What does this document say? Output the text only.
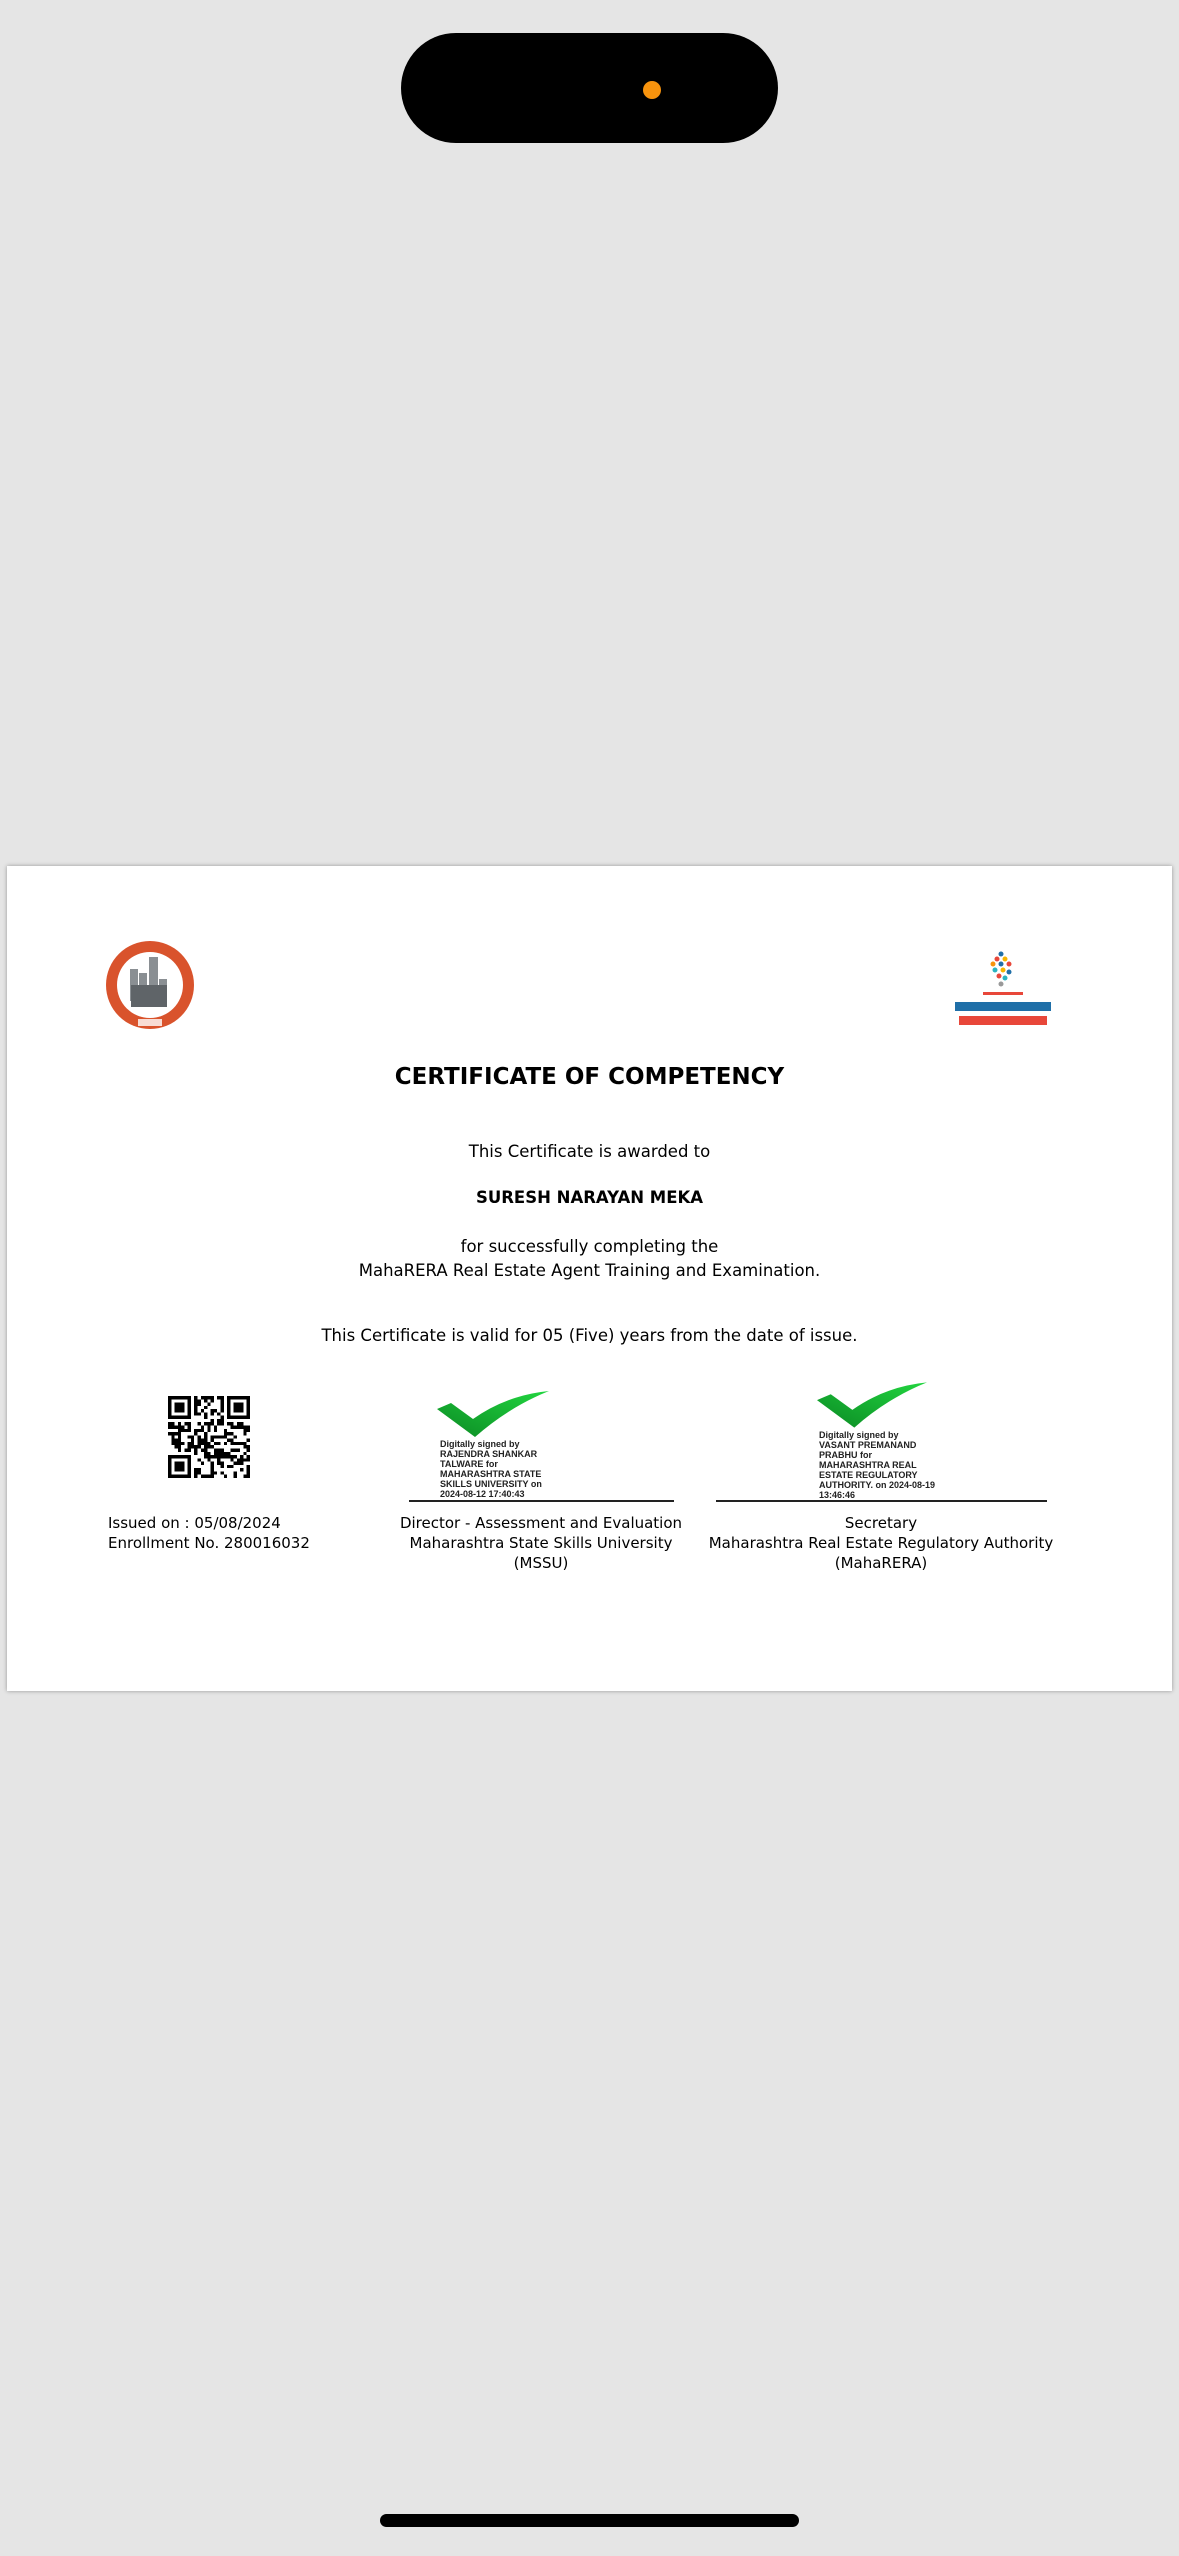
CERTIFICATE OF COMPETENCY
This Certificate is awarded to
SURESH NARAYAN MEKA
for successfully completing the
MahaRERA Real Estate Agent Training and Examination.
This Certificate is valid for 05 (Five) years from the date of issue.
Issued on : 05/08/2024
Enrollment No. 280016032
Digitally signed by
RAJENDRA SHANKAR
TALWARE for
MAHARASHTRA STATE
SKILLS UNIVERSITY on
2024-08-12 17:40:43
Director - Assessment and Evaluation
Maharashtra State Skills University
(MSSU)
Digitally signed by
VASANT PREMANAND
PRABHU for
MAHARASHTRA REAL
ESTATE REGULATORY
AUTHORITY. on 2024-08-19
13:46:46
Secretary
Maharashtra Real Estate Regulatory Authority
(MahaRERA)
